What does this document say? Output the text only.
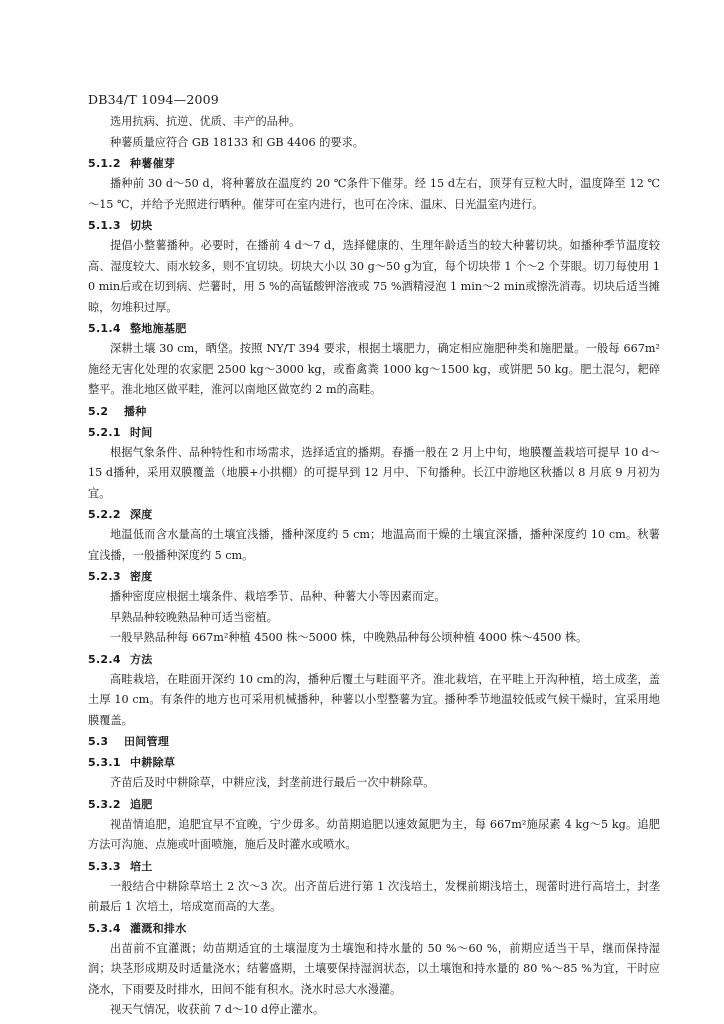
DB34/T 1094—2009

选用抗病、抗逆、优质、丰产的品种。

种薯质量应符合 GB 18133 和 GB 4406 的要求。

5.1.2 种薯催芽

播种前 30 d～50 d，将种薯放在温度约 20 ℃条件下催芽。经 15 d左右，顶芽有豆粒大时，温度降至 12 ℃～15 ℃，并给予光照进行晒种。催芽可在室内进行，也可在冷床、温床、日光温室内进行。

5.1.3 切块

提倡小整薯播种。必要时，在播前 4 d～7 d，选择健康的、生理年龄适当的较大种薯切块。如播种季节温度较高、湿度较大、雨水较多，则不宜切块。切块大小以 30 g～50 g为宜，每个切块带 1 个～2 个芽眼。切刀每使用 10 min后或在切到病、烂薯时，用 5 %的高锰酸钾溶液或 75 %酒精浸泡 1 min～2 min或擦洗消毒。切块后适当摊晾，勿堆积过厚。

5.1.4 整地施基肥

深耕土壤 30 cm，晒垡。按照 NY/T 394 要求，根据土壤肥力，确定相应施肥种类和施肥量。一般每 667m²施经无害化处理的农家肥 2500 kg～3000 kg，或畜禽粪 1000 kg～1500 kg，或饼肥 50 kg。肥土混匀，耙碎整平。淮北地区做平畦，淮河以南地区做宽约 2 m的高畦。

5.2 播种
5.2.1 时间

根据气象条件、品种特性和市场需求，选择适宜的播期。春播一般在 2 月上中旬，地膜覆盖栽培可提早 10 d～15 d播种，采用双膜覆盖（地膜+小拱棚）的可提早到 12 月中、下旬播种。长江中游地区秋播以 8 月底 9 月初为宜。

5.2.2 深度

地温低而含水量高的土壤宜浅播，播种深度约 5 cm；地温高而干燥的土壤宜深播，播种深度约 10 cm。秋薯宜浅播，一般播种深度约 5 cm。

5.2.3 密度

播种密度应根据土壤条件、栽培季节、品种、种薯大小等因素而定。

早熟品种较晚熟品种可适当密植。

一般早熟品种每 667m²种植 4500 株～5000 株，中晚熟品种每公顷种植 4000 株～4500 株。

5.2.4 方法

高畦栽培，在畦面开深约 10 cm的沟，播种后覆土与畦面平齐。淮北栽培，在平畦上开沟种植，培土成垄，盖土厚 10 cm。有条件的地方也可采用机械播种，种薯以小型整薯为宜。播种季节地温较低或气候干燥时，宜采用地膜覆盖。

5.3 田间管理
5.3.1 中耕除草

齐苗后及时中耕除草，中耕应浅，封垄前进行最后一次中耕除草。

5.3.2 追肥

视苗情追肥，追肥宜早不宜晚，宁少毋多。幼苗期追肥以速效氮肥为主，每 667m²施尿素 4 kg～5 kg。追肥方法可沟施、点施或叶面喷施，施后及时灌水或喷水。

5.3.3 培土

一般结合中耕除草培土 2 次～3 次。出齐苗后进行第 1 次浅培土，发棵前期浅培土，现蕾时进行高培土，封垄前最后 1 次培土，培成宽而高的大垄。

5.3.4 灌溉和排水

出苗前不宜灌溉；幼苗期适宜的土壤湿度为土壤饱和持水量的 50 %～60 %，前期应适当干旱，继而保持湿润；块茎形成期及时适量浇水；结薯盛期，土壤要保持湿润状态，以土壤饱和持水量的 80 %～85 %为宜，干时应浇水，下雨要及时排水，田间不能有积水。浇水时忌大水漫灌。

视天气情况，收获前 7 d～10 d停止灌水。
